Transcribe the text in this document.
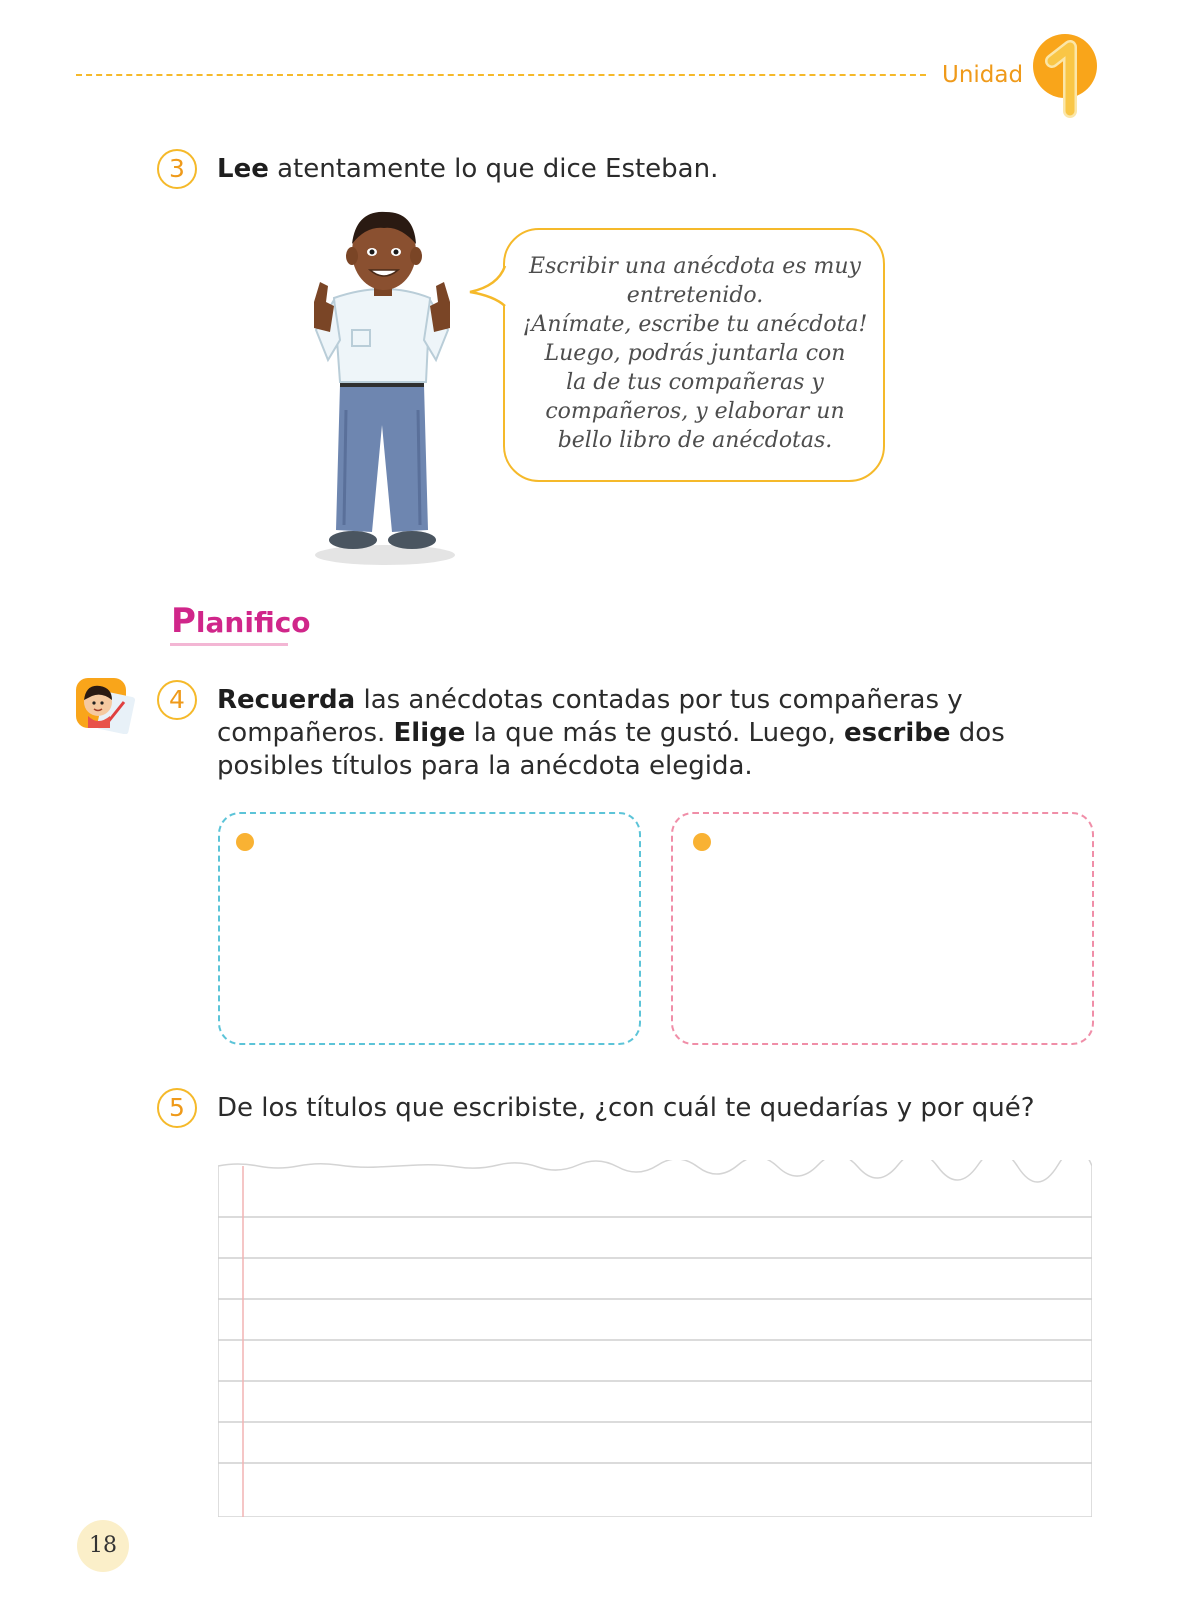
Unidad
3	Lee atentamente lo que dice Esteban.
Escribir una anécdota es muy
entretenido.
¡Anímate, escribe tu anécdota!
Luego, podrás juntarla con
la de tus compañeras y
compañeros, y elaborar un
bello libro de anécdotas.
Planifico
4	Recuerda las anécdotas contadas por tus compañeras y
compañeros. Elige la que más te gustó. Luego, escribe dos
posibles títulos para la anécdota elegida.
5	De los títulos que escribiste, ¿con cuál te quedarías y por qué?
18
